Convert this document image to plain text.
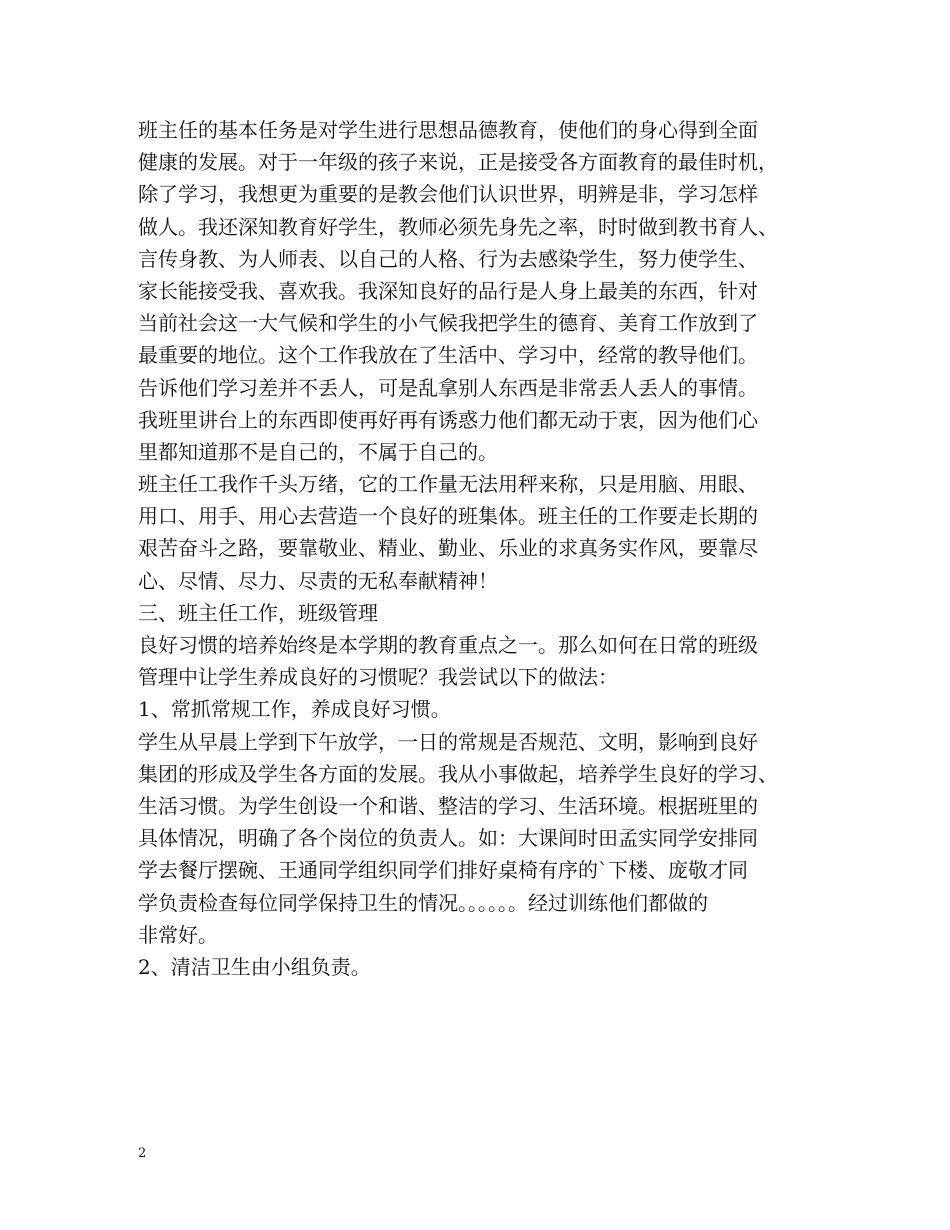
班主任的基本任务是对学生进行思想品德教育，使他们的身心得到全面
健康的发展。对于一年级的孩子来说，正是接受各方面教育的最佳时机，
除了学习，我想更为重要的是教会他们认识世界，明辨是非，学习怎样
做人。我还深知教育好学生，教师必须先身先之率，时时做到教书育人、
言传身教、为人师表、以自己的人格、行为去感染学生，努力使学生、
家长能接受我、喜欢我。我深知良好的品行是人身上最美的东西，针对
当前社会这一大气候和学生的小气候我把学生的德育、美育工作放到了
最重要的地位。这个工作我放在了生活中、学习中，经常的教导他们。
告诉他们学习差并不丢人，可是乱拿别人东西是非常丢人丢人的事情。
我班里讲台上的东西即使再好再有诱惑力他们都无动于衷，因为他们心
里都知道那不是自己的，不属于自己的。
班主任工我作千头万绪，它的工作量无法用秤来称，只是用脑、用眼、
用口、用手、用心去营造一个良好的班集体。班主任的工作要走长期的
艰苦奋斗之路，要靠敬业、精业、勤业、乐业的求真务实作风，要靠尽
心、尽情、尽力、尽责的无私奉献精神！
三、班主任工作，班级管理
良好习惯的培养始终是本学期的教育重点之一。那么如何在日常的班级
管理中让学生养成良好的习惯呢？我尝试以下的做法：
1、常抓常规工作，养成良好习惯。
学生从早晨上学到下午放学，一日的常规是否规范、文明，影响到良好
集团的形成及学生各方面的发展。我从小事做起，培养学生良好的学习、
生活习惯。为学生创设一个和谐、整洁的学习、生活环境。根据班里的
具体情况，明确了各个岗位的负责人。如：大课间时田孟实同学安排同
学去餐厅摆碗、王通同学组织同学们排好桌椅有序的`下楼、庞敬才同
学负责检查每位同学保持卫生的情况。。。。。。经过训练他们都做的
非常好。
2、清洁卫生由小组负责。
2
